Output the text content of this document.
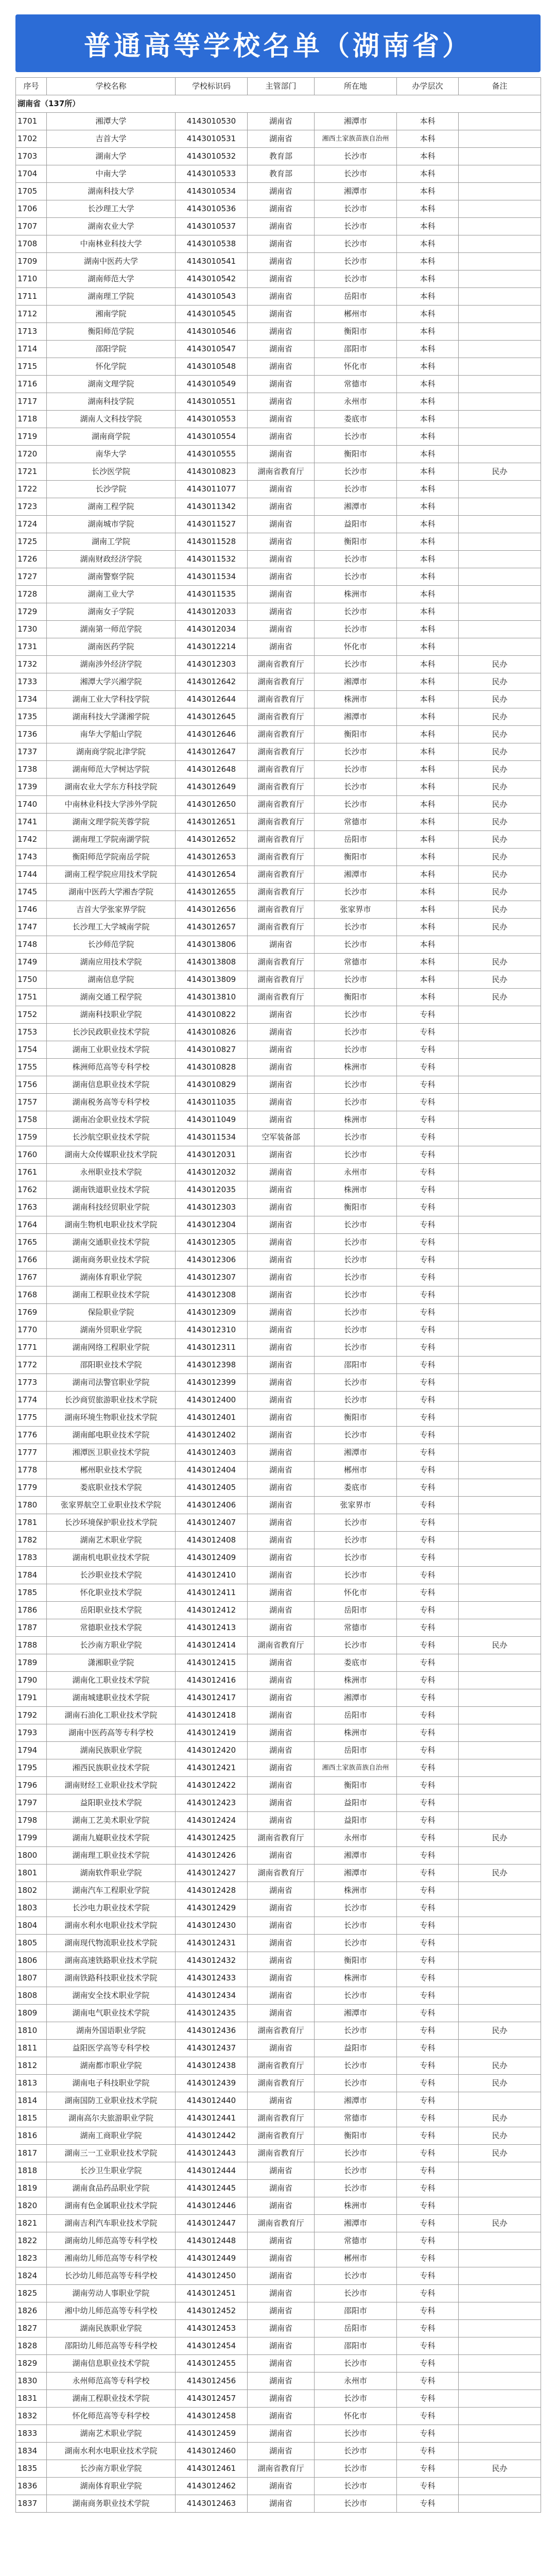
普通高等学校名单（湖南省）
序号	学校名称	学校标识码	主管部门	所在地	办学层次	备注
湖南省（137所）						
1701	湘潭大学	4143010530	湖南省	湘潭市	本科	
1702	吉首大学	4143010531	湖南省	湘西土家族苗族自治州	本科	
1703	湖南大学	4143010532	教育部	长沙市	本科	
1704	中南大学	4143010533	教育部	长沙市	本科	
1705	湖南科技大学	4143010534	湖南省	湘潭市	本科	
1706	长沙理工大学	4143010536	湖南省	长沙市	本科	
1707	湖南农业大学	4143010537	湖南省	长沙市	本科	
1708	中南林业科技大学	4143010538	湖南省	长沙市	本科	
1709	湖南中医药大学	4143010541	湖南省	长沙市	本科	
1710	湖南师范大学	4143010542	湖南省	长沙市	本科	
1711	湖南理工学院	4143010543	湖南省	岳阳市	本科	
1712	湘南学院	4143010545	湖南省	郴州市	本科	
1713	衡阳师范学院	4143010546	湖南省	衡阳市	本科	
1714	邵阳学院	4143010547	湖南省	邵阳市	本科	
1715	怀化学院	4143010548	湖南省	怀化市	本科	
1716	湖南文理学院	4143010549	湖南省	常德市	本科	
1717	湖南科技学院	4143010551	湖南省	永州市	本科	
1718	湖南人文科技学院	4143010553	湖南省	娄底市	本科	
1719	湖南商学院	4143010554	湖南省	长沙市	本科	
1720	南华大学	4143010555	湖南省	衡阳市	本科	
1721	长沙医学院	4143010823	湖南省教育厅	长沙市	本科	民办
1722	长沙学院	4143011077	湖南省	长沙市	本科	
1723	湖南工程学院	4143011342	湖南省	湘潭市	本科	
1724	湖南城市学院	4143011527	湖南省	益阳市	本科	
1725	湖南工学院	4143011528	湖南省	衡阳市	本科	
1726	湖南财政经济学院	4143011532	湖南省	长沙市	本科	
1727	湖南警察学院	4143011534	湖南省	长沙市	本科	
1728	湖南工业大学	4143011535	湖南省	株洲市	本科	
1729	湖南女子学院	4143012033	湖南省	长沙市	本科	
1730	湖南第一师范学院	4143012034	湖南省	长沙市	本科	
1731	湖南医药学院	4143012214	湖南省	怀化市	本科	
1732	湖南涉外经济学院	4143012303	湖南省教育厅	长沙市	本科	民办
1733	湘潭大学兴湘学院	4143012642	湖南省教育厅	湘潭市	本科	民办
1734	湖南工业大学科技学院	4143012644	湖南省教育厅	株洲市	本科	民办
1735	湖南科技大学潇湘学院	4143012645	湖南省教育厅	湘潭市	本科	民办
1736	南华大学船山学院	4143012646	湖南省教育厅	衡阳市	本科	民办
1737	湖南商学院北津学院	4143012647	湖南省教育厅	长沙市	本科	民办
1738	湖南师范大学树达学院	4143012648	湖南省教育厅	长沙市	本科	民办
1739	湖南农业大学东方科技学院	4143012649	湖南省教育厅	长沙市	本科	民办
1740	中南林业科技大学涉外学院	4143012650	湖南省教育厅	长沙市	本科	民办
1741	湖南文理学院芙蓉学院	4143012651	湖南省教育厅	常德市	本科	民办
1742	湖南理工学院南湖学院	4143012652	湖南省教育厅	岳阳市	本科	民办
1743	衡阳师范学院南岳学院	4143012653	湖南省教育厅	衡阳市	本科	民办
1744	湖南工程学院应用技术学院	4143012654	湖南省教育厅	湘潭市	本科	民办
1745	湖南中医药大学湘杏学院	4143012655	湖南省教育厅	长沙市	本科	民办
1746	吉首大学张家界学院	4143012656	湖南省教育厅	张家界市	本科	民办
1747	长沙理工大学城南学院	4143012657	湖南省教育厅	长沙市	本科	民办
1748	长沙师范学院	4143013806	湖南省	长沙市	本科	
1749	湖南应用技术学院	4143013808	湖南省教育厅	常德市	本科	民办
1750	湖南信息学院	4143013809	湖南省教育厅	长沙市	本科	民办
1751	湖南交通工程学院	4143013810	湖南省教育厅	衡阳市	本科	民办
1752	湖南科技职业学院	4143010822	湖南省	长沙市	专科	
1753	长沙民政职业技术学院	4143010826	湖南省	长沙市	专科	
1754	湖南工业职业技术学院	4143010827	湖南省	长沙市	专科	
1755	株洲师范高等专科学校	4143010828	湖南省	株洲市	专科	
1756	湖南信息职业技术学院	4143010829	湖南省	长沙市	专科	
1757	湖南税务高等专科学校	4143011035	湖南省	长沙市	专科	
1758	湖南冶金职业技术学院	4143011049	湖南省	株洲市	专科	
1759	长沙航空职业技术学院	4143011534	空军装备部	长沙市	专科	
1760	湖南大众传媒职业技术学院	4143012031	湖南省	长沙市	专科	
1761	永州职业技术学院	4143012032	湖南省	永州市	专科	
1762	湖南铁道职业技术学院	4143012035	湖南省	株洲市	专科	
1763	湖南科技经贸职业学院	4143012303	湖南省	衡阳市	专科	
1764	湖南生物机电职业技术学院	4143012304	湖南省	长沙市	专科	
1765	湖南交通职业技术学院	4143012305	湖南省	长沙市	专科	
1766	湖南商务职业技术学院	4143012306	湖南省	长沙市	专科	
1767	湖南体育职业学院	4143012307	湖南省	长沙市	专科	
1768	湖南工程职业技术学院	4143012308	湖南省	长沙市	专科	
1769	保险职业学院	4143012309	湖南省	长沙市	专科	
1770	湖南外贸职业学院	4143012310	湖南省	长沙市	专科	
1771	湖南网络工程职业学院	4143012311	湖南省	长沙市	专科	
1772	邵阳职业技术学院	4143012398	湖南省	邵阳市	专科	
1773	湖南司法警官职业学院	4143012399	湖南省	长沙市	专科	
1774	长沙商贸旅游职业技术学院	4143012400	湖南省	长沙市	专科	
1775	湖南环境生物职业技术学院	4143012401	湖南省	衡阳市	专科	
1776	湖南邮电职业技术学院	4143012402	湖南省	长沙市	专科	
1777	湘潭医卫职业技术学院	4143012403	湖南省	湘潭市	专科	
1778	郴州职业技术学院	4143012404	湖南省	郴州市	专科	
1779	娄底职业技术学院	4143012405	湖南省	娄底市	专科	
1780	张家界航空工业职业技术学院	4143012406	湖南省	张家界市	专科	
1781	长沙环境保护职业技术学院	4143012407	湖南省	长沙市	专科	
1782	湖南艺术职业学院	4143012408	湖南省	长沙市	专科	
1783	湖南机电职业技术学院	4143012409	湖南省	长沙市	专科	
1784	长沙职业技术学院	4143012410	湖南省	长沙市	专科	
1785	怀化职业技术学院	4143012411	湖南省	怀化市	专科	
1786	岳阳职业技术学院	4143012412	湖南省	岳阳市	专科	
1787	常德职业技术学院	4143012413	湖南省	常德市	专科	
1788	长沙南方职业学院	4143012414	湖南省教育厅	长沙市	专科	民办
1789	潇湘职业学院	4143012415	湖南省	娄底市	专科	
1790	湖南化工职业技术学院	4143012416	湖南省	株洲市	专科	
1791	湖南城建职业技术学院	4143012417	湖南省	湘潭市	专科	
1792	湖南石油化工职业技术学院	4143012418	湖南省	岳阳市	专科	
1793	湖南中医药高等专科学校	4143012419	湖南省	株洲市	专科	
1794	湖南民族职业学院	4143012420	湖南省	岳阳市	专科	
1795	湘西民族职业技术学院	4143012421	湖南省	湘西土家族苗族自治州	专科	
1796	湖南财经工业职业技术学院	4143012422	湖南省	衡阳市	专科	
1797	益阳职业技术学院	4143012423	湖南省	益阳市	专科	
1798	湖南工艺美术职业学院	4143012424	湖南省	益阳市	专科	
1799	湖南九嶷职业技术学院	4143012425	湖南省教育厅	永州市	专科	民办
1800	湖南理工职业技术学院	4143012426	湖南省	湘潭市	专科	
1801	湖南软件职业学院	4143012427	湖南省教育厅	湘潭市	专科	民办
1802	湖南汽车工程职业学院	4143012428	湖南省	株洲市	专科	
1803	长沙电力职业技术学院	4143012429	湖南省	长沙市	专科	
1804	湖南水利水电职业技术学院	4143012430	湖南省	长沙市	专科	
1805	湖南现代物流职业技术学院	4143012431	湖南省	长沙市	专科	
1806	湖南高速铁路职业技术学院	4143012432	湖南省	衡阳市	专科	
1807	湖南铁路科技职业技术学院	4143012433	湖南省	株洲市	专科	
1808	湖南安全技术职业学院	4143012434	湖南省	长沙市	专科	
1809	湖南电气职业技术学院	4143012435	湖南省	湘潭市	专科	
1810	湖南外国语职业学院	4143012436	湖南省教育厅	长沙市	专科	民办
1811	益阳医学高等专科学校	4143012437	湖南省	益阳市	专科	
1812	湖南都市职业学院	4143012438	湖南省教育厅	长沙市	专科	民办
1813	湖南电子科技职业学院	4143012439	湖南省教育厅	长沙市	专科	民办
1814	湖南国防工业职业技术学院	4143012440	湖南省	湘潭市	专科	
1815	湖南高尔夫旅游职业学院	4143012441	湖南省教育厅	常德市	专科	民办
1816	湖南工商职业学院	4143012442	湖南省教育厅	衡阳市	专科	民办
1817	湖南三一工业职业技术学院	4143012443	湖南省教育厅	长沙市	专科	民办
1818	长沙卫生职业学院	4143012444	湖南省	长沙市	专科	
1819	湖南食品药品职业学院	4143012445	湖南省	长沙市	专科	
1820	湖南有色金属职业技术学院	4143012446	湖南省	株洲市	专科	
1821	湖南吉利汽车职业技术学院	4143012447	湖南省教育厅	湘潭市	专科	民办
1822	湖南幼儿师范高等专科学校	4143012448	湖南省	常德市	专科	
1823	湘南幼儿师范高等专科学校	4143012449	湖南省	郴州市	专科	
1824	长沙幼儿师范高等专科学校	4143012450	湖南省	长沙市	专科	
1825	湖南劳动人事职业学院	4143012451	湖南省	长沙市	专科	
1826	湘中幼儿师范高等专科学校	4143012452	湖南省	邵阳市	专科	
1827	湖南民族职业学院	4143012453	湖南省	岳阳市	专科	
1828	邵阳幼儿师范高等专科学校	4143012454	湖南省	邵阳市	专科	
1829	湖南信息职业技术学院	4143012455	湖南省	长沙市	专科	
1830	永州师范高等专科学校	4143012456	湖南省	永州市	专科	
1831	湖南工程职业技术学院	4143012457	湖南省	长沙市	专科	
1832	怀化师范高等专科学校	4143012458	湖南省	怀化市	专科	
1833	湖南艺术职业学院	4143012459	湖南省	长沙市	专科	
1834	湖南水利水电职业技术学院	4143012460	湖南省	长沙市	专科	
1835	长沙南方职业学院	4143012461	湖南省教育厅	长沙市	专科	民办
1836	湖南体育职业学院	4143012462	湖南省	长沙市	专科	
1837	湖南商务职业技术学院	4143012463	湖南省	长沙市	专科	
